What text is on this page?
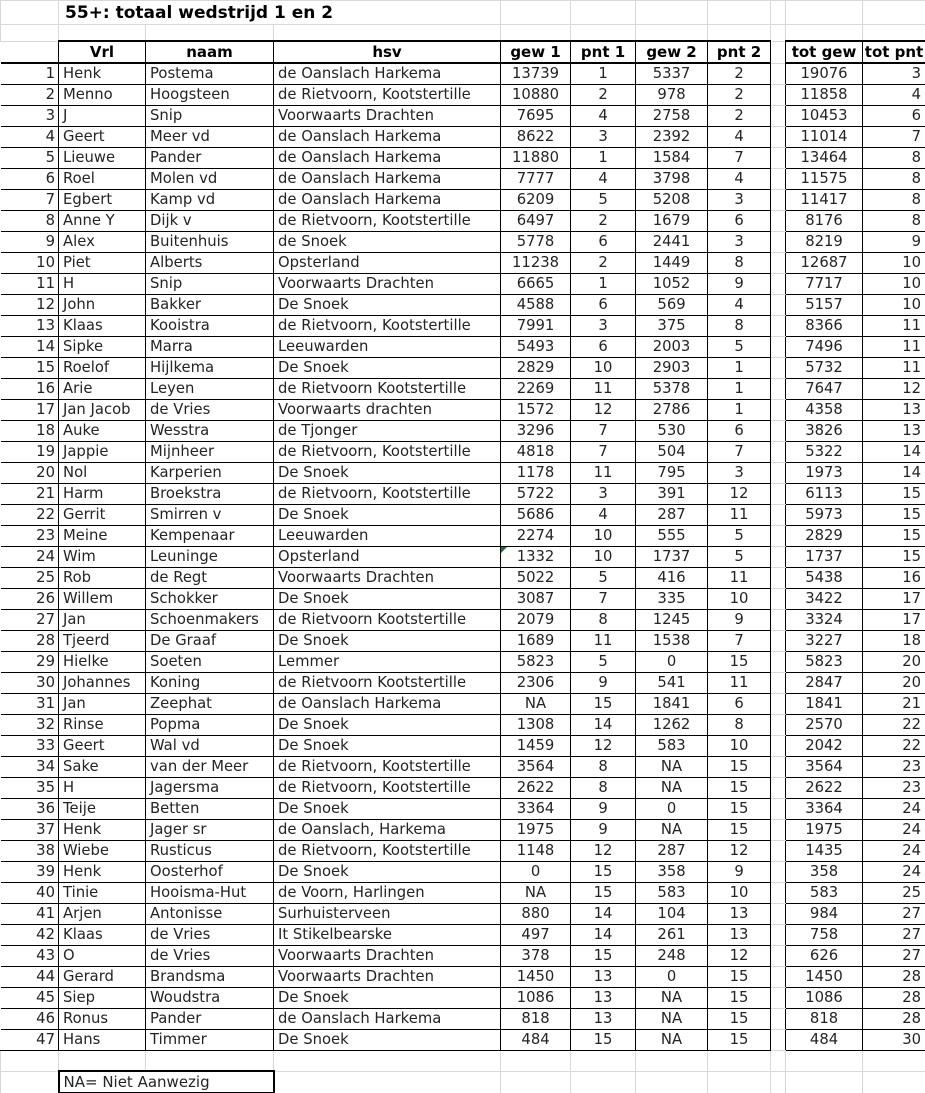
	55+: totaal wedstrijd 1 en 2									

	Vrl	naam	hsv	gew 1	pnt 1	gew 2	pnt 2		tot gew	tot pnt
1	Henk	Postema	de Oanslach Harkema	13739	1	5337	2		19076	3
2	Menno	Hoogsteen	de Rietvoorn, Kootstertille	10880	2	978	2		11858	4
3	J	Snip	Voorwaarts Drachten	7695	4	2758	2		10453	6
4	Geert	Meer vd	de Oanslach Harkema	8622	3	2392	4		11014	7
5	Lieuwe	Pander	de Oanslach Harkema	11880	1	1584	7		13464	8
6	Roel	Molen vd	de Oanslach Harkema	7777	4	3798	4		11575	8
7	Egbert	Kamp vd	de Oanslach Harkema	6209	5	5208	3		11417	8
8	Anne Y	Dijk v	de Rietvoorn, Kootstertille	6497	2	1679	6		8176	8
9	Alex	Buitenhuis	de Snoek	5778	6	2441	3		8219	9
10	Piet	Alberts	Opsterland	11238	2	1449	8		12687	10
11	H	Snip	Voorwaarts Drachten	6665	1	1052	9		7717	10
12	John	Bakker	De Snoek	4588	6	569	4		5157	10
13	Klaas	Kooistra	de Rietvoorn, Kootstertille	7991	3	375	8		8366	11
14	Sipke	Marra	Leeuwarden	5493	6	2003	5		7496	11
15	Roelof	Hijlkema	De Snoek	2829	10	2903	1		5732	11
16	Arie	Leyen	de Rietvoorn Kootstertille	2269	11	5378	1		7647	12
17	Jan Jacob	de Vries	Voorwaarts drachten	1572	12	2786	1		4358	13
18	Auke	Wesstra	de Tjonger	3296	7	530	6		3826	13
19	Jappie	Mijnheer	de Rietvoorn, Kootstertille	4818	7	504	7		5322	14
20	Nol	Karperien	De Snoek	1178	11	795	3		1973	14
21	Harm	Broekstra	de Rietvoorn, Kootstertille	5722	3	391	12		6113	15
22	Gerrit	Smirren v	De Snoek	5686	4	287	11		5973	15
23	Meine	Kempenaar	Leeuwarden	2274	10	555	5		2829	15
24	Wim	Leuninge	Opsterland	1332	10	1737	5		1737	15
25	Rob	de Regt	Voorwaarts Drachten	5022	5	416	11		5438	16
26	Willem	Schokker	De Snoek	3087	7	335	10		3422	17
27	Jan	Schoenmakers	de Rietvoorn Kootstertille	2079	8	1245	9		3324	17
28	Tjeerd	De Graaf	De Snoek	1689	11	1538	7		3227	18
29	Hielke	Soeten	Lemmer	5823	5	0	15		5823	20
30	Johannes	Koning	de Rietvoorn Kootstertille	2306	9	541	11		2847	20
31	Jan	Zeephat	de Oanslach Harkema	NA	15	1841	6		1841	21
32	Rinse	Popma	De Snoek	1308	14	1262	8		2570	22
33	Geert	Wal vd	De Snoek	1459	12	583	10		2042	22
34	Sake	van der Meer	de Rietvoorn, Kootstertille	3564	8	NA	15		3564	23
35	H	Jagersma	de Rietvoorn, Kootstertille	2622	8	NA	15		2622	23
36	Teije	Betten	De Snoek	3364	9	0	15		3364	24
37	Henk	Jager sr	de Oanslach, Harkema	1975	9	NA	15		1975	24
38	Wiebe	Rusticus	de Rietvoorn, Kootstertille	1148	12	287	12		1435	24
39	Henk	Oosterhof	De Snoek	0	15	358	9		358	24
40	Tinie	Hooisma-Hut	de Voorn, Harlingen	NA	15	583	10		583	25
41	Arjen	Antonisse	Surhuisterveen	880	14	104	13		984	27
42	Klaas	de Vries	It Stikelbearske	497	14	261	13		758	27
43	O	de Vries	Voorwaarts Drachten	378	15	248	12		626	27
44	Gerard	Brandsma	Voorwaarts Drachten	1450	13	0	15		1450	28
45	Siep	Woudstra	De Snoek	1086	13	NA	15		1086	28
46	Ronus	Pander	de Oanslach Harkema	818	13	NA	15		818	28
47	Hans	Timmer	De Snoek	484	15	NA	15		484	30

	NA= Niet Aanwezig									
